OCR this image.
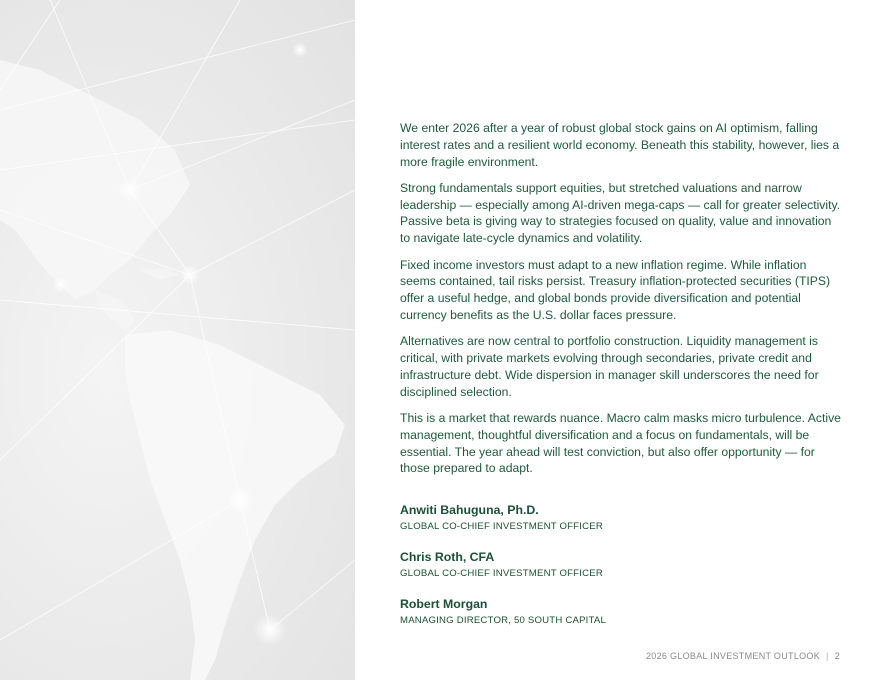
We enter 2026 after a year of robust global stock gains on AI optimism, falling interest rates and a resilient world economy. Beneath this stability, however, lies a more fragile environment.

Strong fundamentals support equities, but stretched valuations and narrow leadership — especially among AI-driven mega-caps — call for greater selectivity. Passive beta is giving way to strategies focused on quality, value and innovation to navigate late-cycle dynamics and volatility.

Fixed income investors must adapt to a new inflation regime. While inflation seems contained, tail risks persist. Treasury inflation-protected securities (TIPS) offer a useful hedge, and global bonds provide diversification and potential currency benefits as the U.S. dollar faces pressure.

Alternatives are now central to portfolio construction. Liquidity management is critical, with private markets evolving through secondaries, private credit and infrastructure debt. Wide dispersion in manager skill underscores the need for disciplined selection.

This is a market that rewards nuance. Macro calm masks micro turbulence. Active management, thoughtful diversification and a focus on fundamentals, will be essential. The year ahead will test conviction, but also offer opportunity — for those prepared to adapt.

Anwiti Bahuguna, Ph.D.
GLOBAL CO-CHIEF INVESTMENT OFFICER
Chris Roth, CFA
GLOBAL CO-CHIEF INVESTMENT OFFICER
Robert Morgan
MANAGING DIRECTOR, 50 SOUTH CAPITAL
2026 GLOBAL INVESTMENT OUTLOOK | 2
